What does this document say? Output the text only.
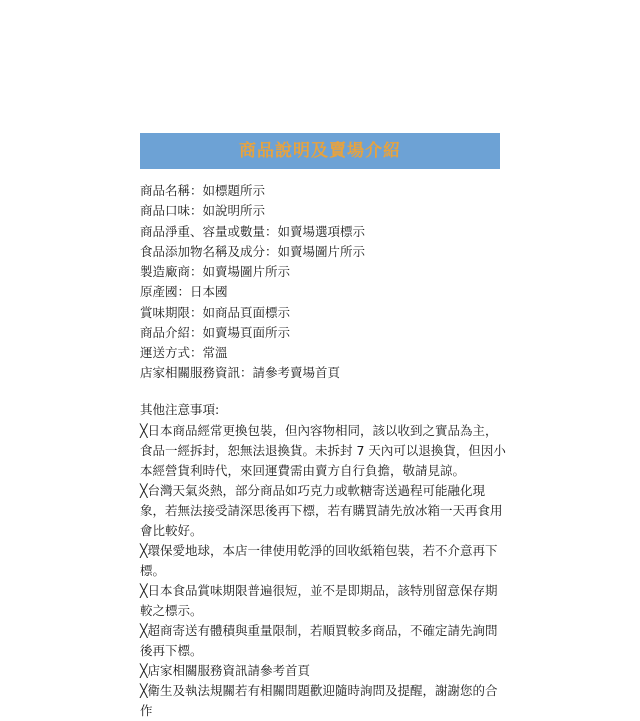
商品說明及賣場介紹
商品名稱：如標題所示
商品口味：如說明所示
商品淨重、容量或數量：如賣場選項標示
食品添加物名稱及成分：如賣場圖片所示
製造廠商：如賣場圖片所示
原產國：日本國
賞味期限：如商品頁面標示
商品介紹：如賣場頁面所示
運送方式：常溫
店家相關服務資訊：請參考賣場首頁
其他注意事項:
╳日本商品經常更換包裝，但內容物相同，該以收到之實品為主，食品一經拆封，恕無法退換貨。未拆封 7 天內可以退換貨，但因小本經營貨利時代，來回運費需由賣方自行負擔，敬請見諒。
╳台灣天氣炎熱，部分商品如巧克力或軟糖寄送過程可能融化現象，若無法接受請深思後再下標，若有購買請先放冰箱一天再食用會比較好。
╳環保愛地球，本店一律使用乾淨的回收紙箱包裝，若不介意再下標。
╳日本食品賞味期限普遍很短，並不是即期品，該特別留意保存期較之標示。
╳超商寄送有體積與重量限制，若順買較多商品，不確定請先詢問後再下標。
╳店家相關服務資訊請參考首頁
╳衛生及執法規關若有相關問題歡迎隨時詢問及提醒，謝謝您的合作
